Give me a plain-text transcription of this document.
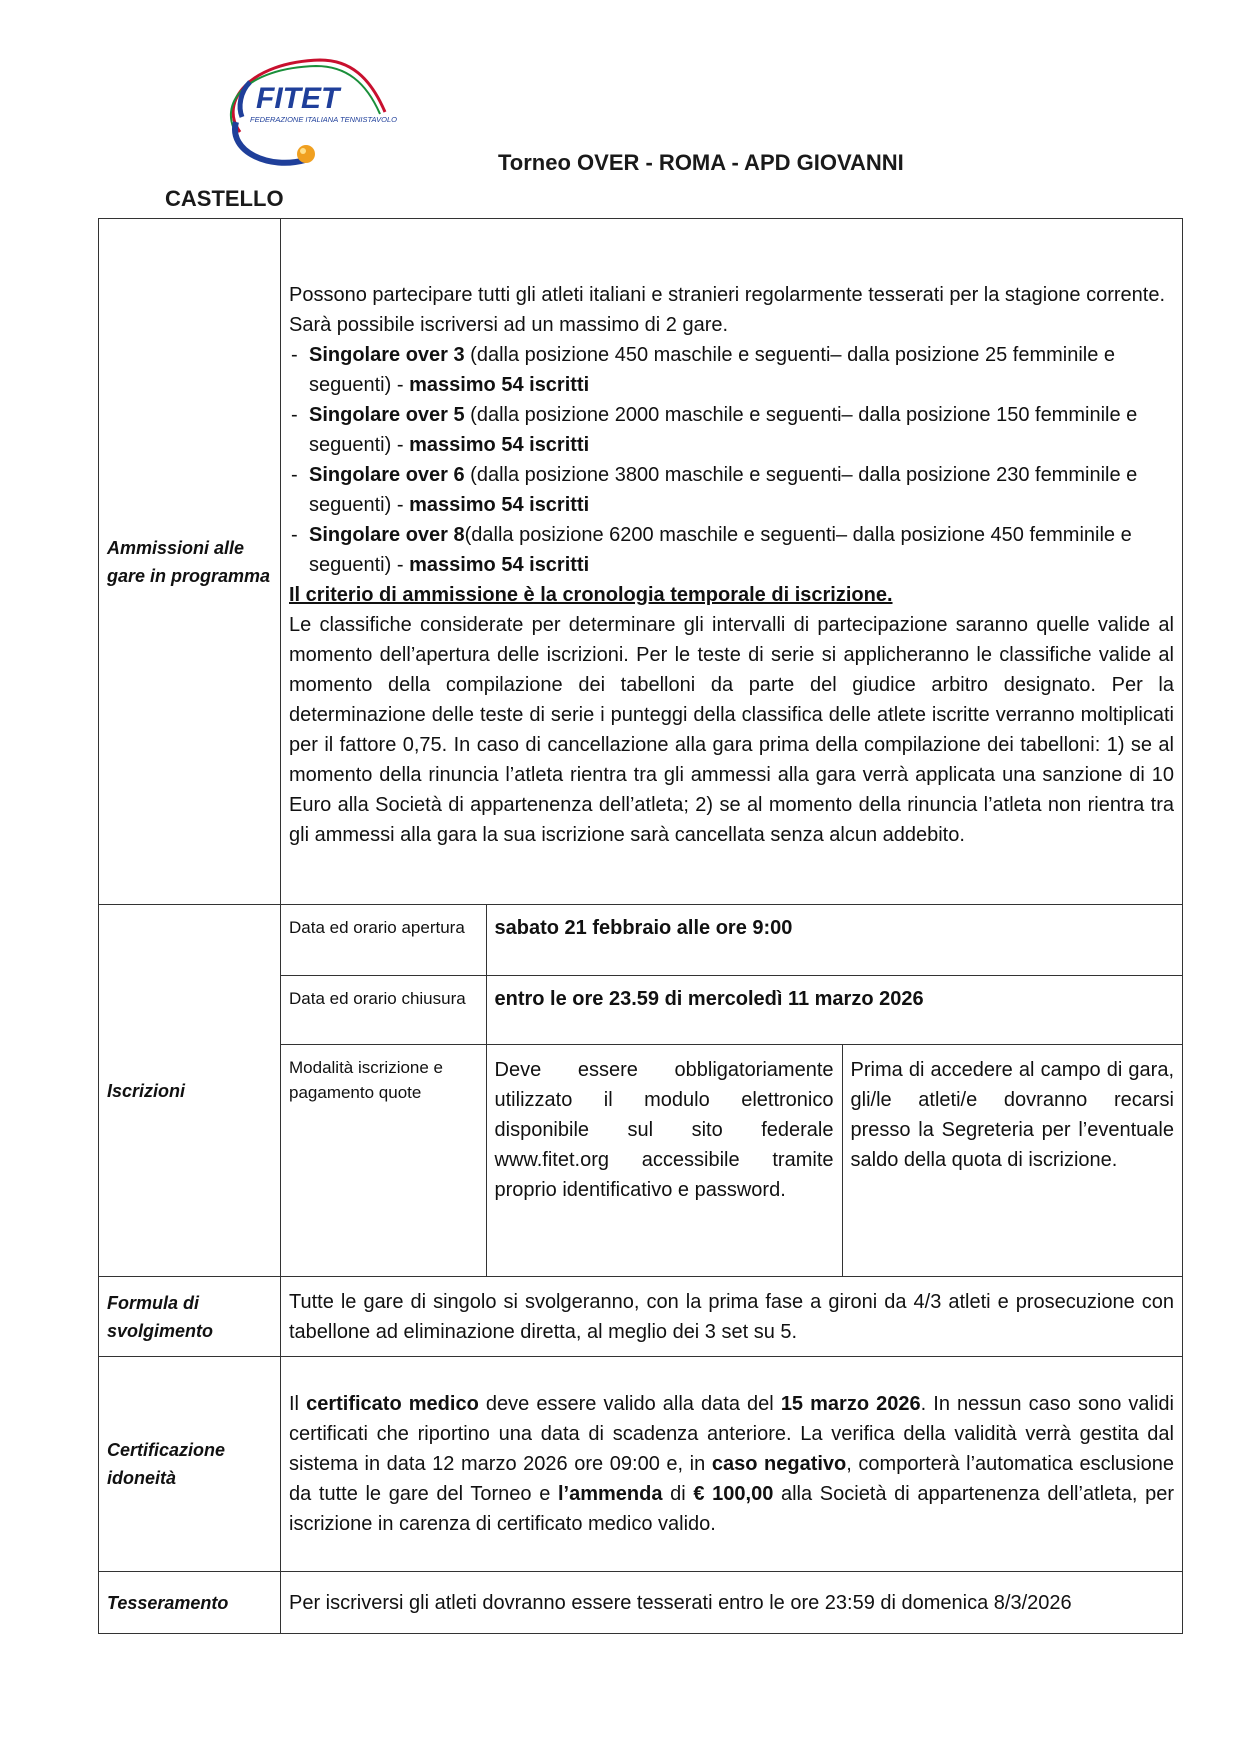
FITET
FEDERAZIONE ITALIANA TENNISTAVOLO
Torneo OVER - ROMA - APD GIOVANNI
CASTELLO
Ammissioni alle gare in programma	
Possono partecipare tutti gli atleti italiani e stranieri regolarmente tesserati per la stagione corrente.
Sarà possibile iscriversi ad un massimo di 2 gare.
- Singolare over 3 (dalla posizione 450 maschile e seguenti– dalla posizione 25 femminile e seguenti) - massimo 54 iscritti
- Singolare over 5 (dalla posizione 2000 maschile e seguenti– dalla posizione 150 femminile e seguenti) - massimo 54 iscritti
- Singolare over 6 (dalla posizione 3800 maschile e seguenti– dalla posizione 230 femminile e seguenti) - massimo 54 iscritti
- Singolare over 8(dalla posizione 6200 maschile e seguenti– dalla posizione 450 femminile e seguenti) - massimo 54 iscritti
Il criterio di ammissione è la cronologia temporale di iscrizione.
Le classifiche considerate per determinare gli intervalli di partecipazione saranno quelle valide al momento dell’apertura delle iscrizioni. Per le teste di serie si applicheranno le classifiche valide al momento della compilazione dei tabelloni da parte del giudice arbitro designato. Per la determinazione delle teste di serie i punteggi della classifica delle atlete iscritte verranno moltiplicati per il fattore 0,75. In caso di cancellazione alla gara prima della compilazione dei tabelloni: 1) se al momento della rinuncia l’atleta rientra tra gli ammessi alla gara verrà applicata una sanzione di 10 Euro alla Società di appartenenza dell’atleta; 2) se al momento della rinuncia l’atleta non rientra tra gli ammessi alla gara la sua iscrizione sarà cancellata senza alcun addebito.

Iscrizioni	
Data ed orario apertura	sabato 21 febbraio alle ore 9:00
Data ed orario chiusura	entro le ore 23.59 di mercoledì 11 marzo 2026
Modalità iscrizione e pagamento quote	Deve essere obbligatoriamente utilizzato il modulo elettronico disponibile sul sito federale www.fitet.org accessibile tramite proprio identificativo e password.	Prima di accedere al campo di gara, gli/le atleti/e dovranno recarsi presso la Segreteria per l’eventuale saldo della quota di iscrizione.

Formula di svolgimento	Tutte le gare di singolo si svolgeranno, con la prima fase a gironi da 4/3 atleti e prosecuzione con tabellone ad eliminazione diretta, al meglio dei 3 set su 5.
Certificazione idoneità	Il certificato medico deve essere valido alla data del 15 marzo 2026. In nessun caso sono validi certificati che riportino una data di scadenza anteriore. La verifica della validità verrà gestita dal sistema in data 12 marzo 2026 ore 09:00 e, in caso negativo, comporterà l’automatica esclusione da tutte le gare del Torneo e l’ammenda di € 100,00 alla Società di appartenenza dell’atleta, per iscrizione in carenza di certificato medico valido.
Tesseramento	Per iscriversi gli atleti dovranno essere tesserati entro le ore 23:59 di domenica 8/3/2026
